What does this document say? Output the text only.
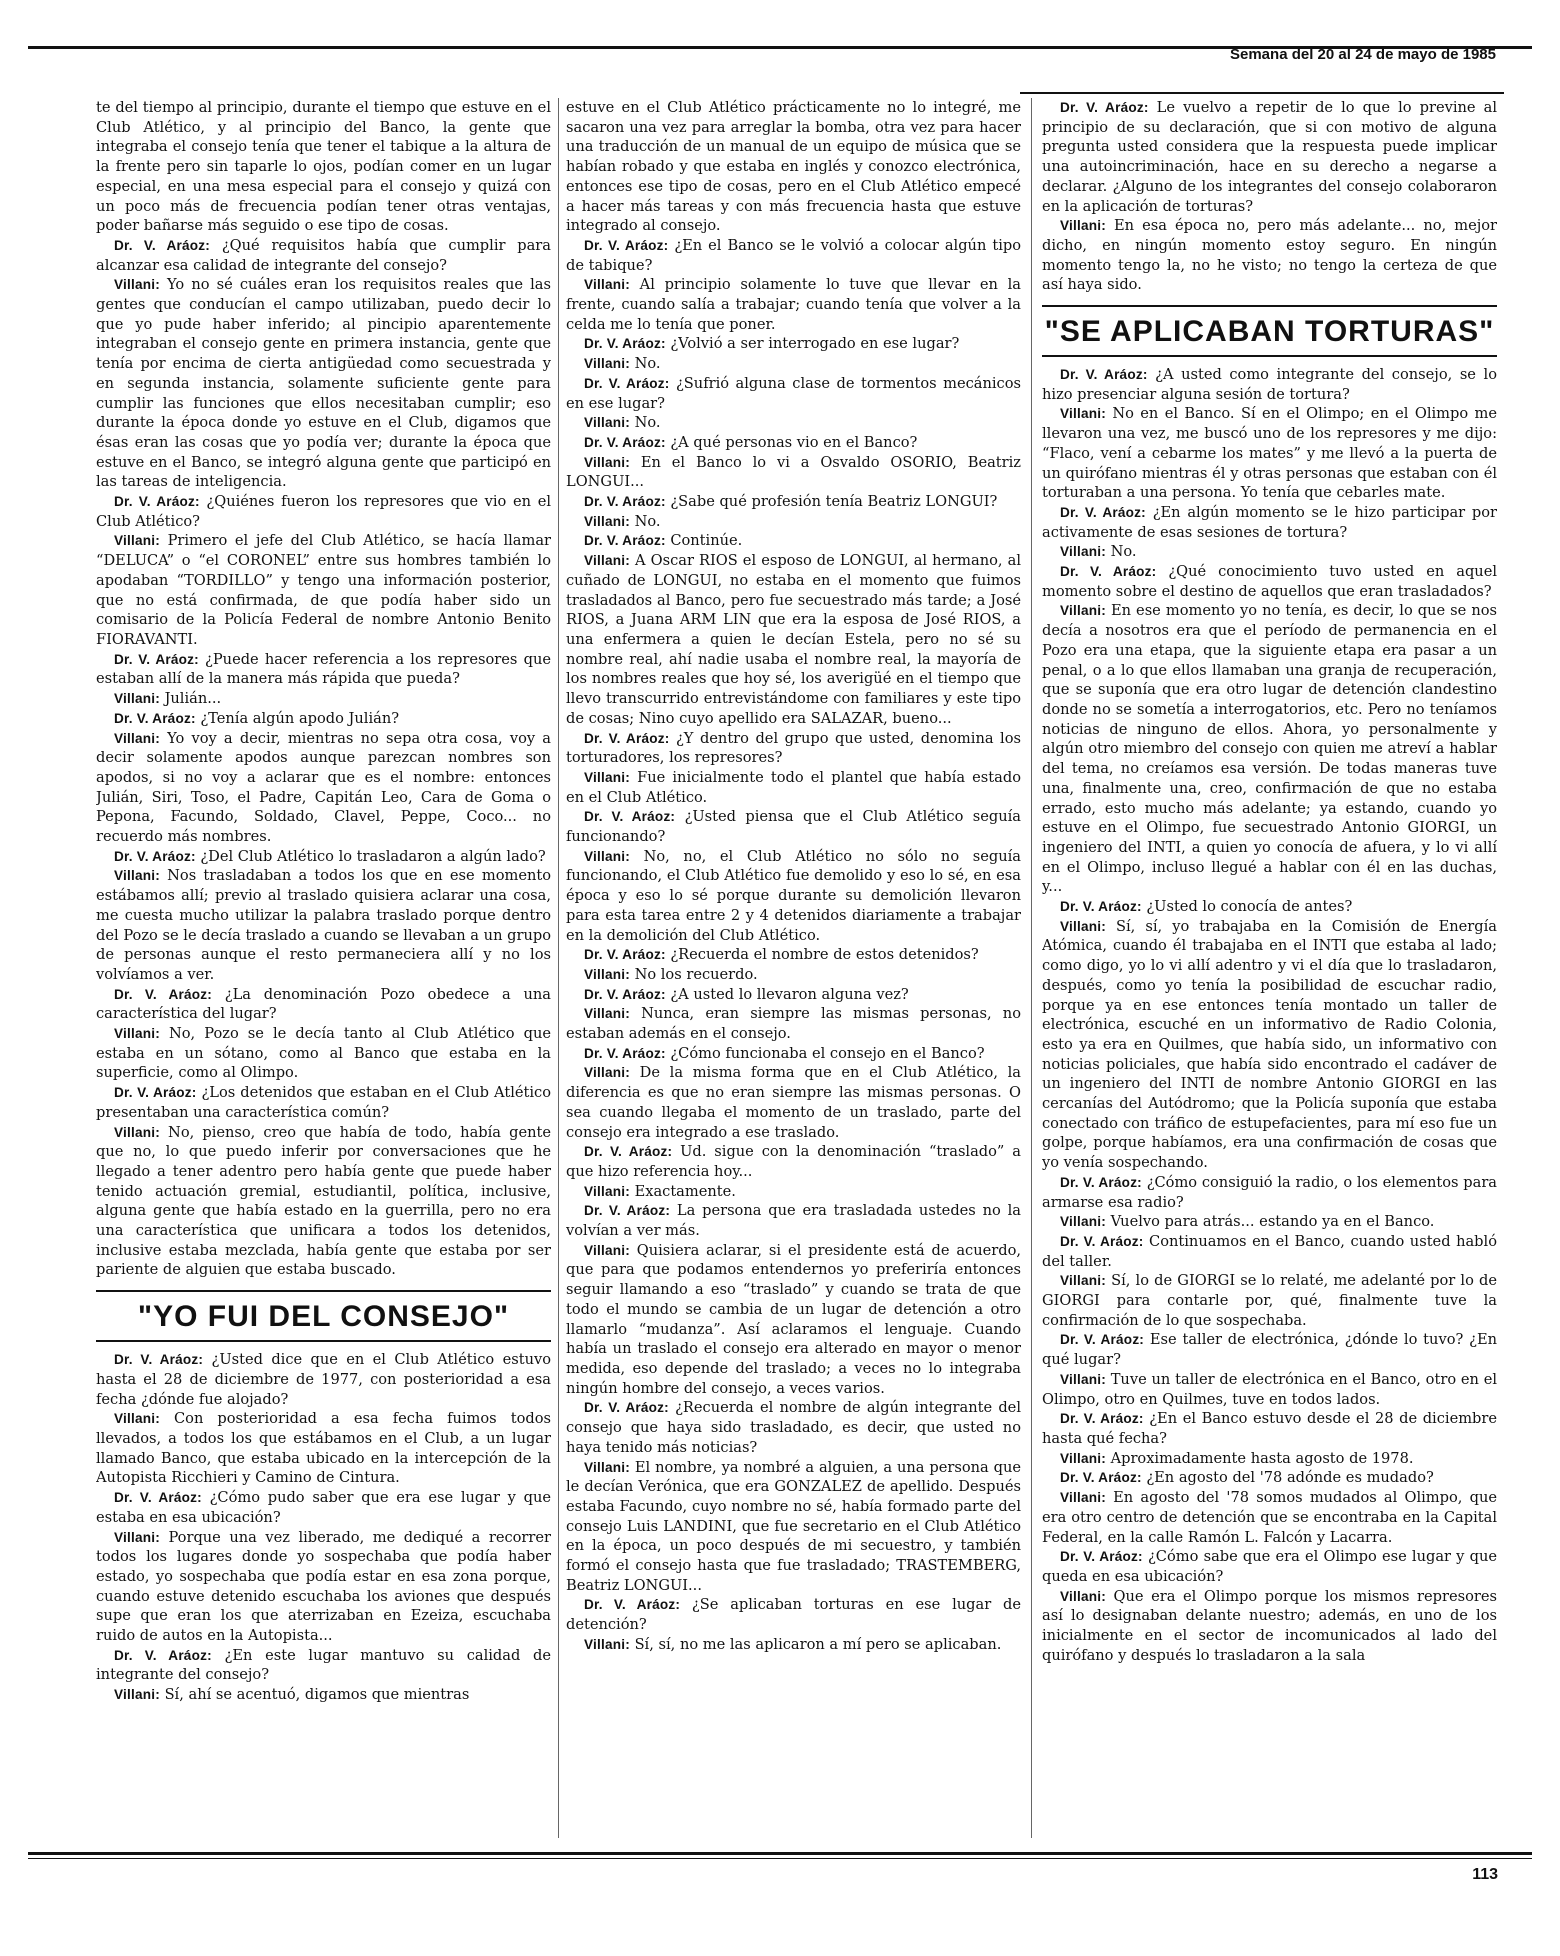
Semana del 20 al 24 de mayo de 1985

te del tiempo al principio, durante el tiempo que estuve en el Club Atlético, y al principio del Banco, la gente que integraba el consejo tenía que tener el tabique a la altura de la frente pero sin taparle lo ojos, podían comer en un lugar especial, en una mesa especial para el consejo y quizá con un poco más de frecuencia podían tener otras ventajas, poder bañarse más seguido o ese tipo de cosas.

Dr. V. Aráoz: ¿Qué requisitos había que cumplir para alcanzar esa calidad de integrante del consejo?

Villani: Yo no sé cuáles eran los requisitos reales que las gentes que conducían el campo utilizaban, puedo decir lo que yo pude haber inferido; al pincipio aparentemente integraban el consejo gente en primera instancia, gente que tenía por encima de cierta antigüedad como secuestrada y en segunda instancia, solamente suficiente gente para cumplir las funciones que ellos necesitaban cumplir; eso durante la época donde yo estuve en el Club, digamos que ésas eran las cosas que yo podía ver; durante la época que estuve en el Banco, se integró alguna gente que participó en las tareas de inteligencia.

Dr. V. Aráoz: ¿Quiénes fueron los represores que vio en el Club Atlético?

Villani: Primero el jefe del Club Atlético, se hacía llamar “DELUCA” o “el CORONEL” entre sus hombres también lo apodaban “TORDILLO” y tengo una información posterior, que no está confirmada, de que podía haber sido un comisario de la Policía Federal de nombre Antonio Benito FIORAVANTI.

Dr. V. Aráoz: ¿Puede hacer referencia a los represores que estaban allí de la manera más rápida que pueda?

Villani: Julián...

Dr. V. Aráoz: ¿Tenía algún apodo Julián?

Villani: Yo voy a decir, mientras no sepa otra cosa, voy a decir solamente apodos aunque parezcan nombres son apodos, si no voy a aclarar que es el nombre: entonces Julián, Siri, Toso, el Padre, Capitán Leo, Cara de Goma o Pepona, Facundo, Soldado, Clavel, Peppe, Coco... no recuerdo más nombres.

Dr. V. Aráoz: ¿Del Club Atlético lo trasladaron a algún lado?

Villani: Nos trasladaban a todos los que en ese momento estábamos allí; previo al traslado quisiera aclarar una cosa, me cuesta mucho utilizar la palabra traslado porque dentro del Pozo se le decía traslado a cuando se llevaban a un grupo de personas aunque el resto permaneciera allí y no los volvíamos a ver.

Dr. V. Aráoz: ¿La denominación Pozo obedece a una característica del lugar?

Villani: No, Pozo se le decía tanto al Club Atlético que estaba en un sótano, como al Banco que estaba en la superficie, como al Olimpo.

Dr. V. Aráoz: ¿Los detenidos que estaban en el Club Atlético presentaban una característica común?

Villani: No, pienso, creo que había de todo, había gente que no, lo que puedo inferir por conversaciones que he llegado a tener adentro pero había gente que puede haber tenido actuación gremial, estudiantil, política, inclusive, alguna gente que había estado en la guerrilla, pero no era una característica que unificara a todos los detenidos, inclusive estaba mezclada, había gente que estaba por ser pariente de alguien que estaba buscado.

"YO FUI DEL CONSEJO"

Dr. V. Aráoz: ¿Usted dice que en el Club Atlético estuvo hasta el 28 de diciembre de 1977, con posterioridad a esa fecha ¿dónde fue alojado?

Villani: Con posterioridad a esa fecha fuimos todos llevados, a todos los que estábamos en el Club, a un lugar llamado Banco, que estaba ubicado en la intercepción de la Autopista Ricchieri y Camino de Cintura.

Dr. V. Aráoz: ¿Cómo pudo saber que era ese lugar y que estaba en esa ubicación?

Villani: Porque una vez liberado, me dediqué a recorrer todos los lugares donde yo sospechaba que podía haber estado, yo sospechaba que podía estar en esa zona porque, cuando estuve detenido escuchaba los aviones que después supe que eran los que aterrizaban en Ezeiza, escuchaba ruido de autos en la Autopista...

Dr. V. Aráoz: ¿En este lugar mantuvo su calidad de integrante del consejo?

Villani: Sí, ahí se acentuó, digamos que mientras

estuve en el Club Atlético prácticamente no lo integré, me sacaron una vez para arreglar la bomba, otra vez para hacer una traducción de un manual de un equipo de música que se habían robado y que estaba en inglés y conozco electrónica, entonces ese tipo de cosas, pero en el Club Atlético empecé a hacer más tareas y con más frecuencia hasta que estuve integrado al consejo.

Dr. V. Aráoz: ¿En el Banco se le volvió a colocar algún tipo de tabique?

Villani: Al principio solamente lo tuve que llevar en la frente, cuando salía a trabajar; cuando tenía que volver a la celda me lo tenía que poner.

Dr. V. Aráoz: ¿Volvió a ser interrogado en ese lugar?

Villani: No.

Dr. V. Aráoz: ¿Sufrió alguna clase de tormentos mecánicos en ese lugar?

Villani: No.

Dr. V. Aráoz: ¿A qué personas vio en el Banco?

Villani: En el Banco lo vi a Osvaldo OSORIO, Beatriz LONGUI...

Dr. V. Aráoz: ¿Sabe qué profesión tenía Beatriz LONGUI?

Villani: No.

Dr. V. Aráoz: Continúe.

Villani: A Oscar RIOS el esposo de LONGUI, al hermano, al cuñado de LONGUI, no estaba en el momento que fuimos trasladados al Banco, pero fue secuestrado más tarde; a José RIOS, a Juana ARM LIN que era la esposa de José RIOS, a una enfermera a quien le decían Estela, pero no sé su nombre real, ahí nadie usaba el nombre real, la mayoría de los nombres reales que hoy sé, los averigüé en el tiempo que llevo transcurrido entrevistándome con familiares y este tipo de cosas; Nino cuyo apellido era SALAZAR, bueno...

Dr. V. Aráoz: ¿Y dentro del grupo que usted, denomina los torturadores, los represores?

Villani: Fue inicialmente todo el plantel que había estado en el Club Atlético.

Dr. V. Aráoz: ¿Usted piensa que el Club Atlético seguía funcionando?

Villani: No, no, el Club Atlético no sólo no seguía funcionando, el Club Atlético fue demolido y eso lo sé, en esa época y eso lo sé porque durante su demolición llevaron para esta tarea entre 2 y 4 detenidos diariamente a trabajar en la demolición del Club Atlético.

Dr. V. Aráoz: ¿Recuerda el nombre de estos detenidos?

Villani: No los recuerdo.

Dr. V. Aráoz: ¿A usted lo llevaron alguna vez?

Villani: Nunca, eran siempre las mismas personas, no estaban además en el consejo.

Dr. V. Aráoz: ¿Cómo funcionaba el consejo en el Banco?

Villani: De la misma forma que en el Club Atlético, la diferencia es que no eran siempre las mismas personas. O sea cuando llegaba el momento de un traslado, parte del consejo era integrado a ese traslado.

Dr. V. Aráoz: Ud. sigue con la denominación “traslado” a que hizo referencia hoy...

Villani: Exactamente.

Dr. V. Aráoz: La persona que era trasladada ustedes no la volvían a ver más.

Villani: Quisiera aclarar, si el presidente está de acuerdo, que para que podamos entendernos yo preferiría entonces seguir llamando a eso “traslado” y cuando se trata de que todo el mundo se cambia de un lugar de detención a otro llamarlo “mudanza”. Así aclaramos el lenguaje. Cuando había un traslado el consejo era alterado en mayor o menor medida, eso depende del traslado; a veces no lo integraba ningún hombre del consejo, a veces varios.

Dr. V. Aráoz: ¿Recuerda el nombre de algún integrante del consejo que haya sido trasladado, es decir, que usted no haya tenido más noticias?

Villani: El nombre, ya nombré a alguien, a una persona que le decían Verónica, que era GONZALEZ de apellido. Después estaba Facundo, cuyo nombre no sé, había formado parte del consejo Luis LANDINI, que fue secretario en el Club Atlético en la época, un poco después de mi secuestro, y también formó el consejo hasta que fue trasladado; TRASTEMBERG, Beatriz LONGUI...

Dr. V. Aráoz: ¿Se aplicaban torturas en ese lugar de detención?

Villani: Sí, sí, no me las aplicaron a mí pero se aplicaban.

Dr. V. Aráoz: Le vuelvo a repetir de lo que lo previne al principio de su declaración, que si con motivo de alguna pregunta usted considera que la respuesta puede implicar una autoincriminación, hace en su derecho a negarse a declarar. ¿Alguno de los integrantes del consejo colaboraron en la aplicación de torturas?

Villani: En esa época no, pero más adelante... no, mejor dicho, en ningún momento estoy seguro. En ningún momento tengo la, no he visto; no tengo la certeza de que así haya sido.

"SE APLICABAN TORTURAS"

Dr. V. Aráoz: ¿A usted como integrante del consejo, se lo hizo presenciar alguna sesión de tortura?

Villani: No en el Banco. Sí en el Olimpo; en el Olimpo me llevaron una vez, me buscó uno de los represores y me dijo: “Flaco, vení a cebarme los mates” y me llevó a la puerta de un quirófano mientras él y otras personas que estaban con él torturaban a una persona. Yo tenía que cebarles mate.

Dr. V. Aráoz: ¿En algún momento se le hizo participar por activamente de esas sesiones de tortura?

Villani: No.

Dr. V. Aráoz: ¿Qué conocimiento tuvo usted en aquel momento sobre el destino de aquellos que eran trasladados?

Villani: En ese momento yo no tenía, es decir, lo que se nos decía a nosotros era que el período de permanencia en el Pozo era una etapa, que la siguiente etapa era pasar a un penal, o a lo que ellos llamaban una granja de recuperación, que se suponía que era otro lugar de detención clandestino donde no se sometía a interrogatorios, etc. Pero no teníamos noticias de ninguno de ellos. Ahora, yo personalmente y algún otro miembro del consejo con quien me atreví a hablar del tema, no creíamos esa versión. De todas maneras tuve una, finalmente una, creo, confirmación de que no estaba errado, esto mucho más adelante; ya estando, cuando yo estuve en el Olimpo, fue secuestrado Antonio GIORGI, un ingeniero del INTI, a quien yo conocía de afuera, y lo vi allí en el Olimpo, incluso llegué a hablar con él en las duchas, y...

Dr. V. Aráoz: ¿Usted lo conocía de antes?

Villani: Sí, sí, yo trabajaba en la Comisión de Energía Atómica, cuando él trabajaba en el INTI que estaba al lado; como digo, yo lo vi allí adentro y vi el día que lo trasladaron, después, como yo tenía la posibilidad de escuchar radio, porque ya en ese entonces tenía montado un taller de electrónica, escuché en un informativo de Radio Colonia, esto ya era en Quilmes, que había sido, un informativo con noticias policiales, que había sido encontrado el cadáver de un ingeniero del INTI de nombre Antonio GIORGI en las cercanías del Autódromo; que la Policía suponía que estaba conectado con tráfico de estupefacientes, para mí eso fue un golpe, porque habíamos, era una confirmación de cosas que yo venía sospechando.

Dr. V. Aráoz: ¿Cómo consiguió la radio, o los elementos para armarse esa radio?

Villani: Vuelvo para atrás... estando ya en el Banco.

Dr. V. Aráoz: Continuamos en el Banco, cuando usted habló del taller.

Villani: Sí, lo de GIORGI se lo relaté, me adelanté por lo de GIORGI para contarle por, qué, finalmente tuve la confirmación de lo que sospechaba.

Dr. V. Aráoz: Ese taller de electrónica, ¿dónde lo tuvo? ¿En qué lugar?

Villani: Tuve un taller de electrónica en el Banco, otro en el Olimpo, otro en Quilmes, tuve en todos lados.

Dr. V. Aráoz: ¿En el Banco estuvo desde el 28 de diciembre hasta qué fecha?

Villani: Aproximadamente hasta agosto de 1978.

Dr. V. Aráoz: ¿En agosto del '78 adónde es mudado?

Villani: En agosto del '78 somos mudados al Olimpo, que era otro centro de detención que se encontraba en la Capital Federal, en la calle Ramón L. Falcón y Lacarra.

Dr. V. Aráoz: ¿Cómo sabe que era el Olimpo ese lugar y que queda en esa ubicación?

Villani: Que era el Olimpo porque los mismos represores así lo designaban delante nuestro; además, en uno de los inicialmente en el sector de incomunicados al lado del quirófano y después lo trasladaron a la sala

113
